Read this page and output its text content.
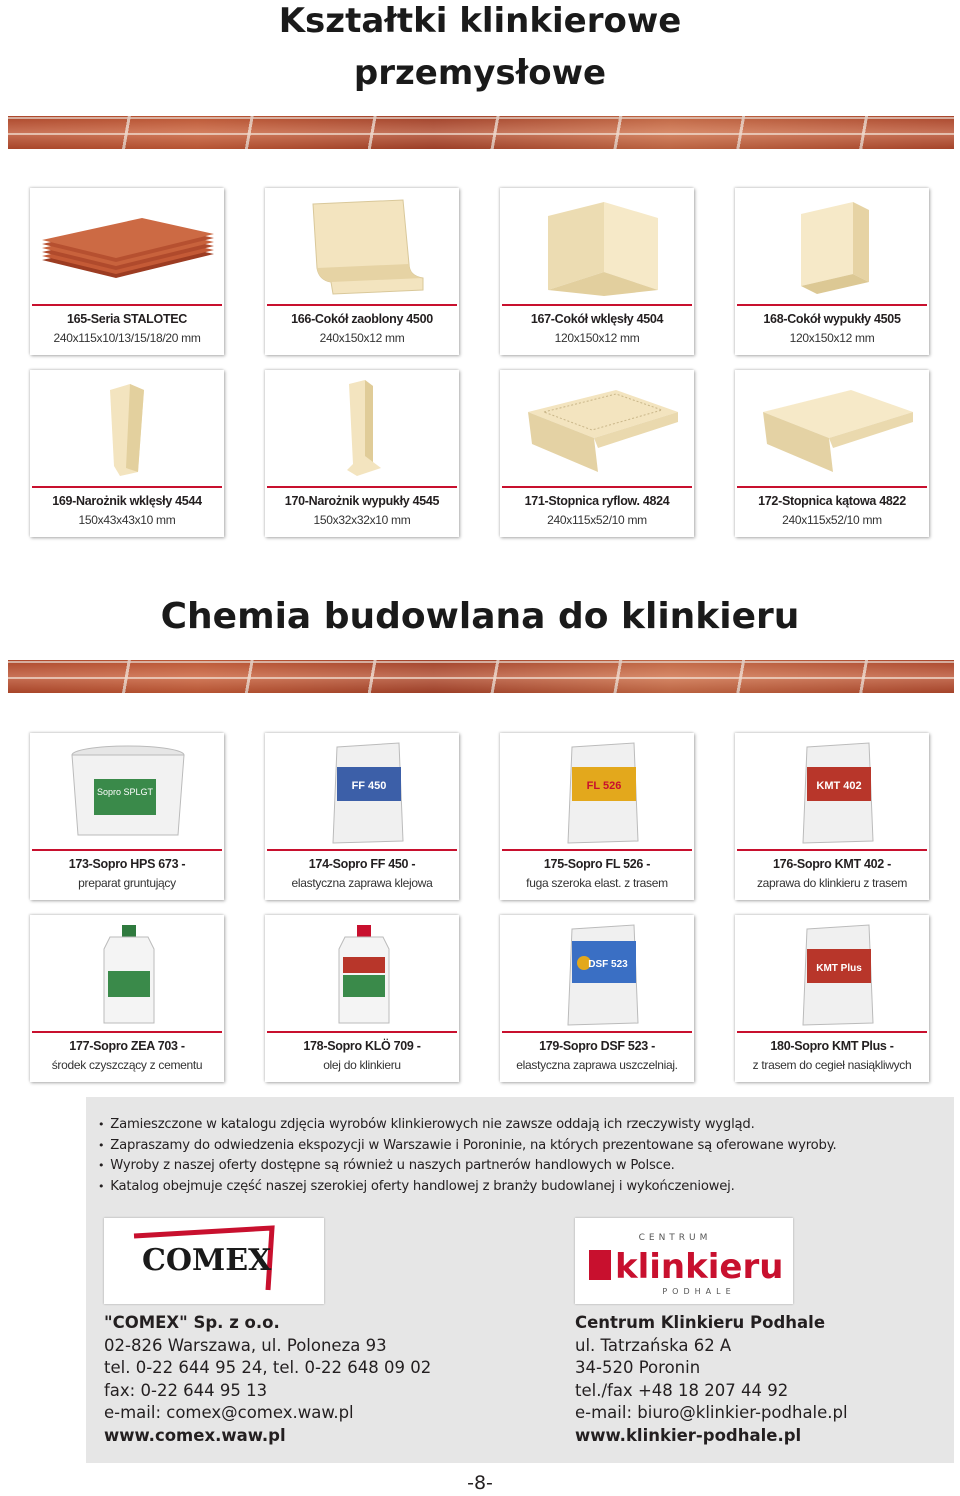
Kształtki klinkierowe
przemysłowe
165-Seria STALOTEC
240x115x10/13/15/18/20 mm
166-Cokół zaoblony 4500
240x150x12 mm
167-Cokół wklęsły 4504
120x150x12 mm
168-Cokół wypukły 4505
120x150x12 mm
169-Narożnik wklęsły 4544
150x43x43x10 mm
170-Narożnik wypukły 4545
150x32x32x10 mm
171-Stopnica ryflow. 4824
240x115x52/10 mm
172-Stopnica kątowa 4822
240x115x52/10 mm
Chemia budowlana do klinkieru
Sopro SPLGT
173-Sopro HPS 673 -
preparat gruntujący
FF 450
174-Sopro FF 450 -
elastyczna zaprawa klejowa
FL 526
175-Sopro FL 526 -
fuga szeroka elast. z trasem
KMT 402
176-Sopro KMT 402 -
zaprawa do klinkieru z trasem
177-Sopro ZEA 703 -
środek czyszczący z cementu
178-Sopro KLÖ 709 -
olej do klinkieru
DSF 523
179-Sopro DSF 523 -
elastyczna zaprawa uszczelniaj.
KMT Plus
180-Sopro KMT Plus -
z trasem do cegieł nasiąkliwych
• Zamieszczone w katalogu zdjęcia wyrobów klinkierowych nie zawsze oddają ich rzeczywisty wygląd.
• Zapraszamy do odwiedzenia ekspozycji w Warszawie i Poroninie, na których prezentowane są oferowane wyroby.
• Wyroby z naszej oferty dostępne są również u naszych partnerów handlowych w Polsce.
• Katalog obejmuje część naszej szerokiej oferty handlowej z branży budowlanej i wykończeniowej.
COMEX
CENTRUM
klinkieru
PODHALE
"COMEX" Sp. z o.o.
02-826 Warszawa, ul. Poloneza 93
tel. 0-22 644 95 24, tel. 0-22 648 09 02
fax: 0-22 644 95 13
e-mail: comex@comex.waw.pl
www.comex.waw.pl
Centrum Klinkieru Podhale
ul. Tatrzańska 62 A
34-520 Poronin
tel./fax +48 18 207 44 92
e-mail: biuro@klinkier-podhale.pl
www.klinkier-podhale.pl
-8-
